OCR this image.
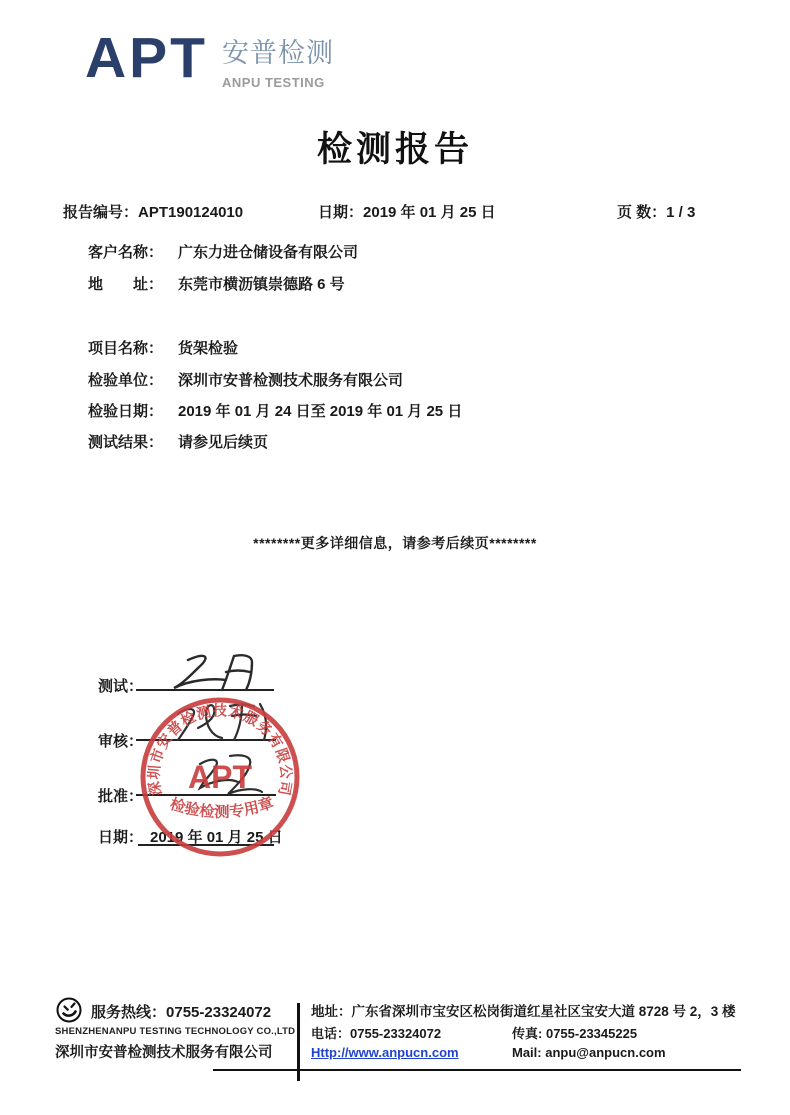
APT 安普检测
ANPU TESTING
检测报告
报告编号：APT190124010	日期：2019 年 01 月 25 日	页 数：1 / 3
客户名称： 广东力进仓储设备有限公司
地　　址： 东莞市横沥镇崇德路 6 号
项目名称： 货架检验
检验单位： 深圳市安普检测技术服务有限公司
检验日期： 2019 年 01 月 24 日至 2019 年 01 月 25 日
测试结果： 请参见后续页
********更多详细信息，请参考后续页********
测试：
审核：
批准：
日期： 2019 年 01 月 25 日
深圳市安普检测技术服务有限公司
APT
检验检测专用章
服务热线：0755-23324072
SHENZHENANPU TESTING TECHNOLOGY CO.,LTD
深圳市安普检测技术服务有限公司
地址：广东省深圳市宝安区松岗街道红星社区宝安大道 8728 号 2，3 楼
电话：0755-23324072	传真: 0755-23345225
Http://www.anpucn.com	Mail: anpu@anpucn.com
